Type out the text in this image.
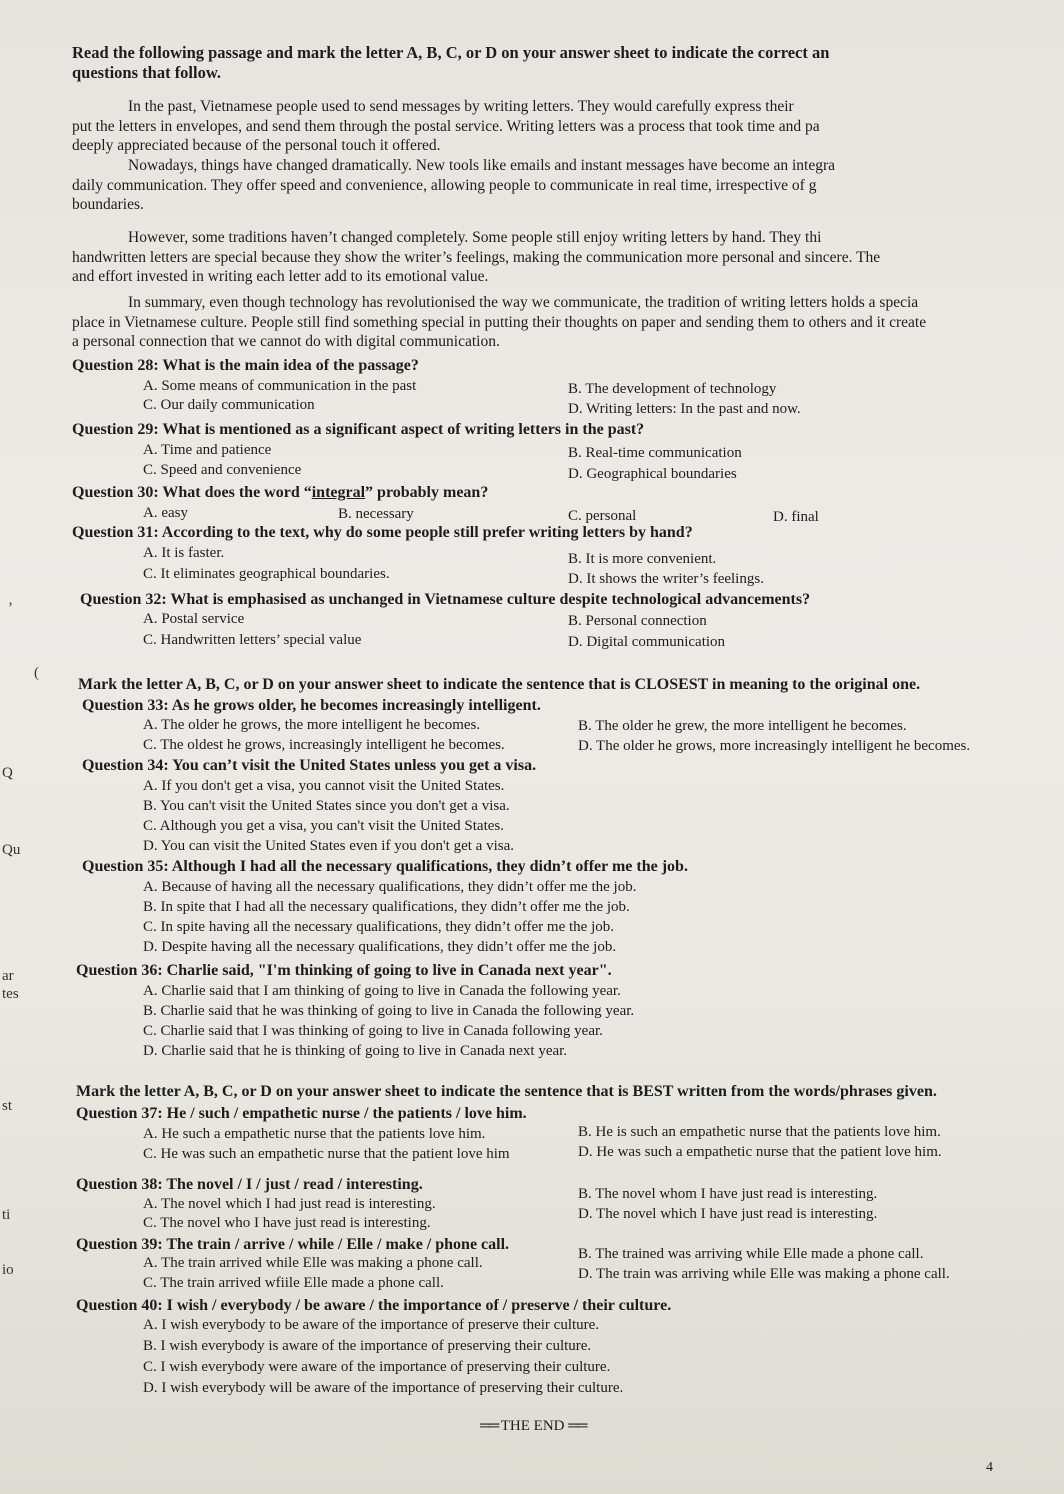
(
Q
Qu
ar
tes
st
ti
io
’
Read the following passage and mark the letter A, B, C, or D on your answer sheet to indicate the correct an
questions that follow.
In the past, Vietnamese people used to send messages by writing letters. They would carefully express their
put the letters in envelopes, and send them through the postal service. Writing letters was a process that took time and pa
deeply appreciated because of the personal touch it offered.
Nowadays, things have changed dramatically. New tools like emails and instant messages have become an integra
daily communication. They offer speed and convenience, allowing people to communicate in real time, irrespective of g
boundaries.
However, some traditions haven’t changed completely. Some people still enjoy writing letters by hand. They thi
handwritten letters are special because they show the writer’s feelings, making the communication more personal and sincere. The
and effort invested in writing each letter add to its emotional value.
In summary, even though technology has revolutionised the way we communicate, the tradition of writing letters holds a specia
place in Vietnamese culture. People still find something special in putting their thoughts on paper and sending them to others and it create
a personal connection that we cannot do with digital communication.
Question 28: What is the main idea of the passage?
A. Some means of communication in the past	B. The development of technology
C. Our daily communication	D. Writing letters: In the past and now.
Question 29: What is mentioned as a significant aspect of writing letters in the past?
A. Time and patience	B. Real-time communication
C. Speed and convenience	D. Geographical boundaries
Question 30: What does the word “integral” probably mean?
A. easy	B. necessary	C. personal	D. final
Question 31: According to the text, why do some people still prefer writing letters by hand?
A. It is faster.	B. It is more convenient.
C. It eliminates geographical boundaries.	D. It shows the writer’s feelings.
Question 32: What is emphasised as unchanged in Vietnamese culture despite technological advancements?
A. Postal service	B. Personal connection
C. Handwritten letters’ special value	D. Digital communication
Mark the letter A, B, C, or D on your answer sheet to indicate the sentence that is CLOSEST in meaning to the original one.
Question 33: As he grows older, he becomes increasingly intelligent.
A. The older he grows, the more intelligent he becomes.	B. The older he grew, the more intelligent he becomes.
C. The oldest he grows, increasingly intelligent he becomes.	D. The older he grows, more increasingly intelligent he becomes.
Question 34: You can’t visit the United States unless you get a visa.
A. If you don't get a visa, you cannot visit the United States.
B. You can't visit the United States since you don't get a visa.
C. Although you get a visa, you can't visit the United States.
D. You can visit the United States even if you don't get a visa.
Question 35: Although I had all the necessary qualifications, they didn’t offer me the job.
A. Because of having all the necessary qualifications, they didn’t offer me the job.
B. In spite that I had all the necessary qualifications, they didn’t offer me the job.
C. In spite having all the necessary qualifications, they didn’t offer me the job.
D. Despite having all the necessary qualifications, they didn’t offer me the job.
Question 36: Charlie said, "I'm thinking of going to live in Canada next year".
A. Charlie said that I am thinking of going to live in Canada the following year.
B. Charlie said that he was thinking of going to live in Canada the following year.
C. Charlie said that I was thinking of going to live in Canada following year.
D. Charlie said that he is thinking of going to live in Canada next year.
Mark the letter A, B, C, or D on your answer sheet to indicate the sentence that is BEST written from the words/phrases given.
Question 37: He / such / empathetic nurse / the patients / love him.
A. He such a empathetic nurse that the patients love him.	B. He is such an empathetic nurse that the patients love him.
C. He was such an empathetic nurse that the patient love him	D. He was such a empathetic nurse that the patient love him.
Question 38: The novel / I / just / read / interesting.
A. The novel which I had just read is interesting.
B. The novel whom I have just read is interesting.
C. The novel who I have just read is interesting.
D. The novel which I have just read is interesting.
Question 39: The train / arrive / while / Elle / make / phone call.
A. The train arrived while Elle was making a phone call.
B. The trained was arriving while Elle made a phone call.
C. The train arrived wfiile Elle made a phone call.
D. The train was arriving while Elle was making a phone call.
Question 40: I wish / everybody / be aware / the importance of / preserve / their culture.
A. I wish everybody to be aware of the importance of preserve their culture.
B. I wish everybody is aware of the importance of preserving their culture.
C. I wish everybody were aware of the importance of preserving their culture.
D. I wish everybody will be aware of the importance of preserving their culture.
══ THE END ══
4
